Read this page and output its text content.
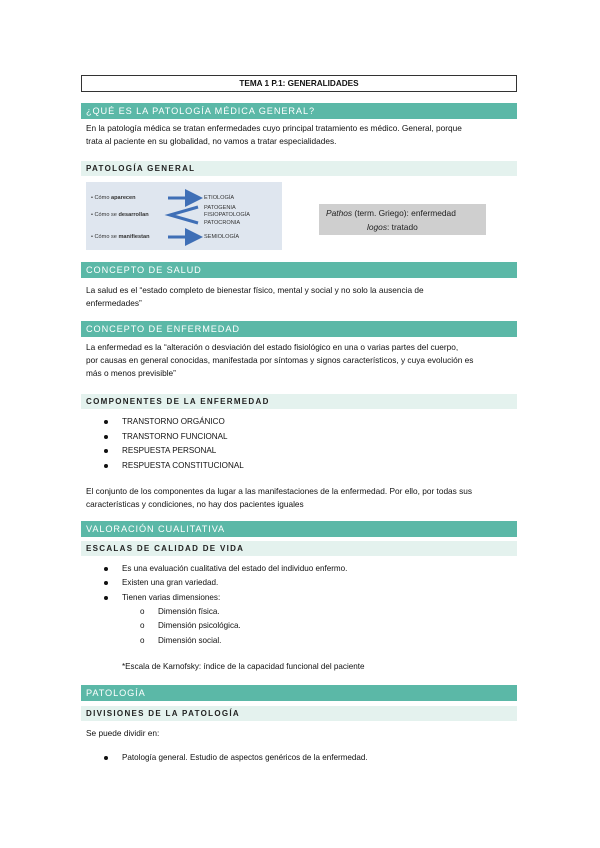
TEMA 1 P.1: GENERALIDADES
¿QUÉ ES LA PATOLOGÍA MÉDICA GENERAL?
En la patología médica se tratan enfermedades cuyo principal tratamiento es médico. General, porque
trata al paciente en su globalidad, no vamos a tratar especialidades.
PATOLOGÍA GENERAL
• Cómo aparecen
• Cómo se desarrollan
• Cómo se manifiestan
ETIOLOGÍA
PATOGENIA
FISIOPATOLOGÍA
PATOCRONIA
SEMIOLOGÍA
Pathos (term. Griego): enfermedad
logos: tratado
CONCEPTO DE SALUD
La salud es el “estado completo de bienestar físico, mental y social y no solo la ausencia de
enfermedades”
CONCEPTO DE ENFERMEDAD
La enfermedad es la “alteración o desviación del estado fisiológico en una o varias partes del cuerpo,
por causas en general conocidas, manifestada por síntomas y signos característicos, y cuya evolución es
más o menos previsible”
COMPONENTES DE LA ENFERMEDAD
TRANSTORNO ORGÁNICO
TRANSTORNO FUNCIONAL
RESPUESTA PERSONAL
RESPUESTA CONSTITUCIONAL
El conjunto de los componentes da lugar a las manifestaciones de la enfermedad. Por ello, por todas sus
características y condiciones, no hay dos pacientes iguales
VALORACIÓN CUALITATIVA
ESCALAS DE CALIDAD DE VIDA
Es una evaluación cualitativa del estado del individuo enfermo.
Existen una gran variedad.
Tienen varias dimensiones:
o Dimensión física.
o Dimensión psicológica.
o Dimensión social.
*Escala de Karnofsky: índice de la capacidad funcional del paciente
PATOLOGÍA
DIVISIONES DE LA PATOLOGÍA
Se puede dividir en:
Patología general. Estudio de aspectos genéricos de la enfermedad.
